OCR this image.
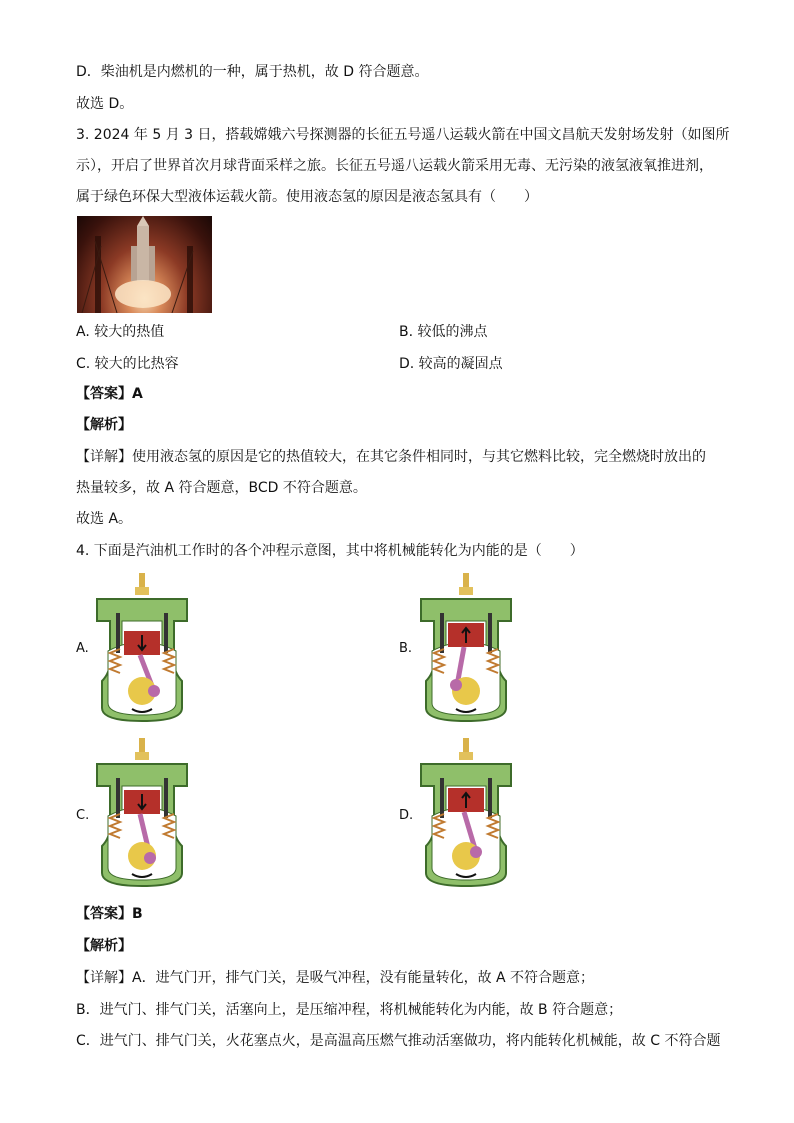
D．柴油机是内燃机的一种，属于热机，故 D 符合题意。
故选 D。
3. 2024 年 5 月 3 日，搭载嫦娥六号探测器的长征五号遥八运载火箭在中国文昌航天发射场发射（如图所
示），开启了世界首次月球背面采样之旅。长征五号遥八运载火箭采用无毒、无污染的液氢液氧推进剂，
属于绿色环保大型液体运载火箭。使用液态氢的原因是液态氢具有（　　）
A. 较大的热值	B. 较低的沸点
C. 较大的比热容	D. 较高的凝固点
【答案】A
【解析】
【详解】使用液态氢的原因是它的热值较大，在其它条件相同时，与其它燃料比较，完全燃烧时放出的
热量较多，故 A 符合题意，BCD 不符合题意。
故选 A。
4. 下面是汽油机工作时的各个冲程示意图，其中将机械能转化为内能的是（　　）
A.	B.
C.	D.
【答案】B
【解析】
【详解】A．进气门开，排气门关，是吸气冲程，没有能量转化，故 A 不符合题意；
B．进气门、排气门关，活塞向上，是压缩冲程，将机械能转化为内能，故 B 符合题意；
C．进气门、排气门关，火花塞点火，是高温高压燃气推动活塞做功，将内能转化机械能，故 C 不符合题
